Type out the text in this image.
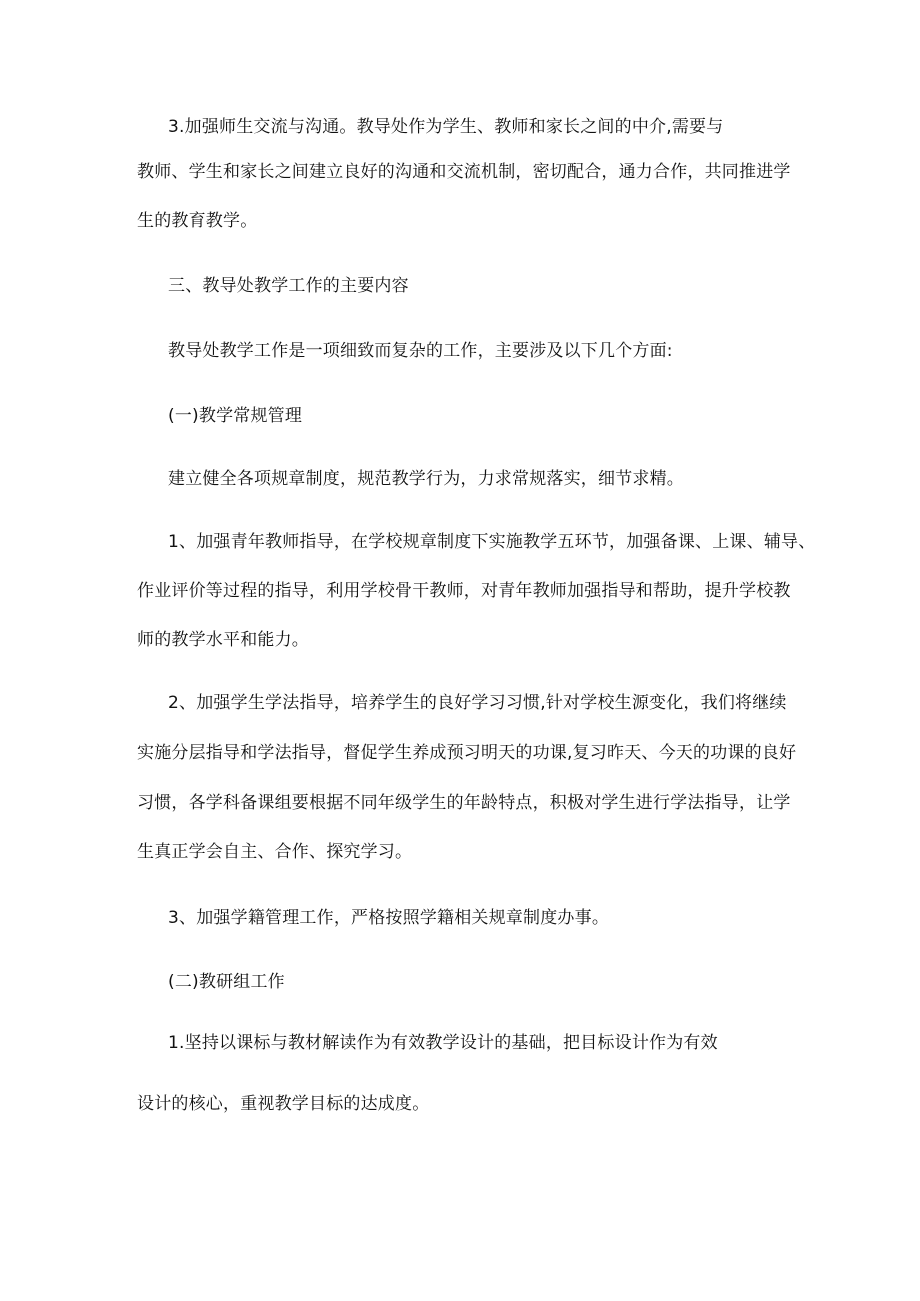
3.加强师生交流与沟通。教导处作为学生、教师和家长之间的中介,需要与
教师、学生和家长之间建立良好的沟通和交流机制，密切配合，通力合作，共同推进学
生的教育教学。
三、教导处教学工作的主要内容
教导处教学工作是一项细致而复杂的工作，主要涉及以下几个方面:
(一)教学常规管理
建立健全各项规章制度，规范教学行为，力求常规落实，细节求精。
1、加强青年教师指导，在学校规章制度下实施教学五环节，加强备课、上课、辅导、
作业评价等过程的指导，利用学校骨干教师，对青年教师加强指导和帮助，提升学校教
师的教学水平和能力。
2、加强学生学法指导，培养学生的良好学习习惯,针对学校生源变化，我们将继续
实施分层指导和学法指导，督促学生养成预习明天的功课,复习昨天、今天的功课的良好
习惯，各学科备课组要根据不同年级学生的年龄特点，积极对学生进行学法指导，让学
生真正学会自主、合作、探究学习。
3、加强学籍管理工作，严格按照学籍相关规章制度办事。
(二)教研组工作
1.坚持以课标与教材解读作为有效教学设计的基础，把目标设计作为有效
设计的核心，重视教学目标的达成度。
